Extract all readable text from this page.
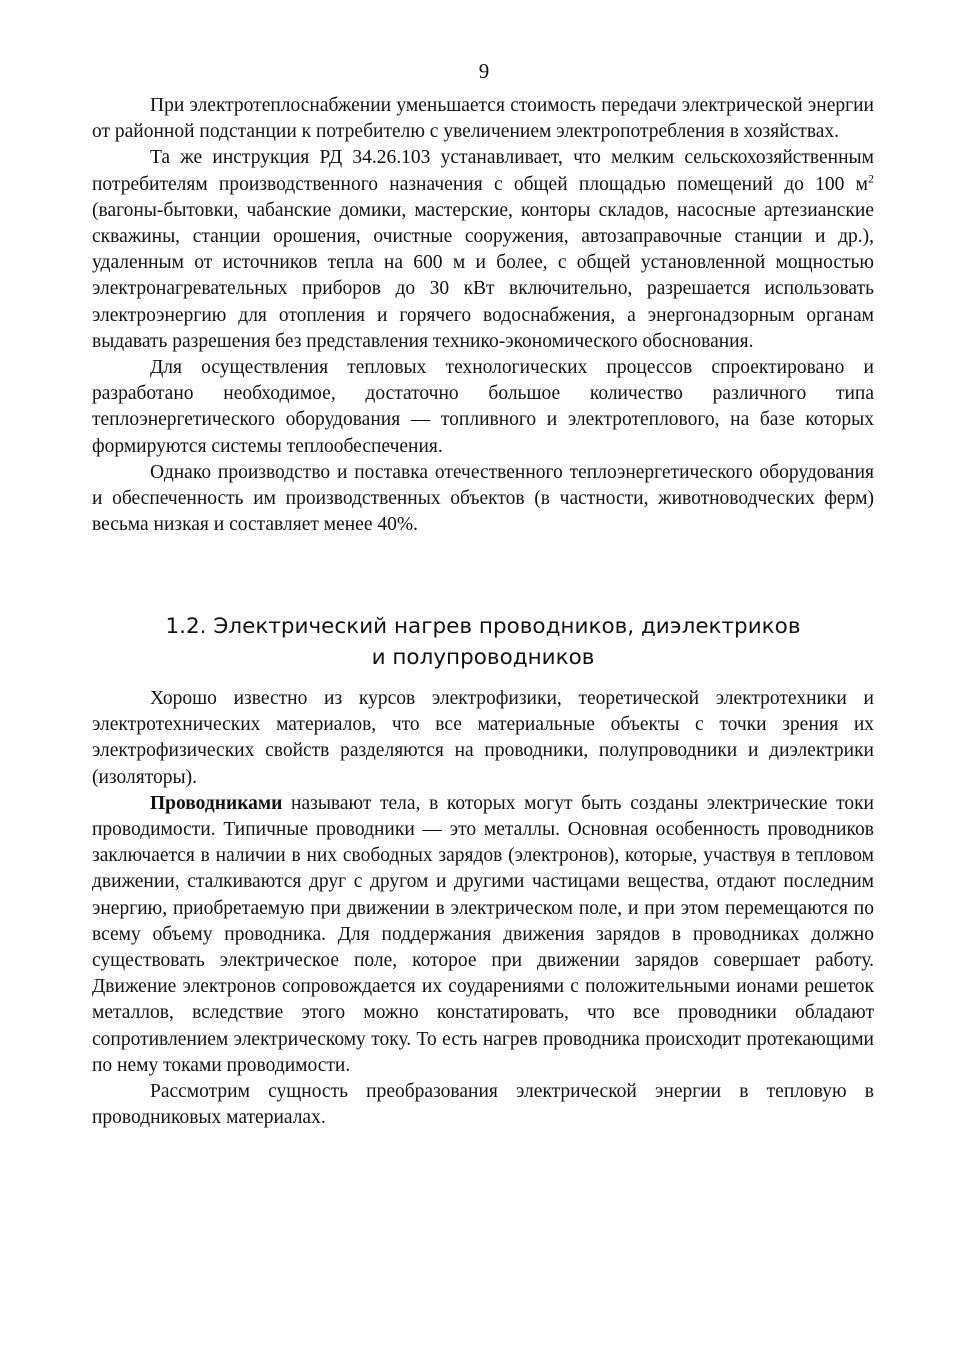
9

При электротеплоснабжении уменьшается стоимость передачи электрической энергии от районной подстанции к потребителю с увеличением электропотребления в хозяйствах.

Та же инструкция РД 34.26.103 устанавливает, что мелким сельскохозяйственным потребителям производственного назначения с общей площадью помещений до 100 $м^2$ (вагоны-бытовки, чабанские домики, мастерские, конторы складов, насосные артезианские скважины, станции орошения, очистные сооружения, автозаправочные станции и др.), удаленным от источников тепла на 600 м и более, с общей установленной мощностью электронагревательных приборов до 30 кВт включительно, разрешается использовать электроэнергию для отопления и горячего водоснабжения, а энергонадзорным органам выдавать разрешения без представления технико-экономического обоснования.

Для осуществления тепловых технологических процессов спроектировано и разработано необходимое, достаточно большое количество различного типа теплоэнергетического оборудования — топливного и электротеплового, на базе которых формируются системы теплообеспечения.

Однако производство и поставка отечественного теплоэнергетического оборудования и обеспеченность им производственных объектов (в частности, животноводческих ферм) весьма низкая и составляет менее 40%.

1.2. Электрический нагрев проводников, диэлектриков
и полупроводников

Хорошо известно из курсов электрофизики, теоретической электротехники и электротехнических материалов, что все материальные объекты с точки зрения их электрофизических свойств разделяются на проводники, полупроводники и диэлектрики (изоляторы).

Проводниками называют тела, в которых могут быть созданы электрические токи проводимости. Типичные проводники — это металлы. Основная особенность проводников заключается в наличии в них свободных зарядов (электронов), которые, участвуя в тепловом движении, сталкиваются друг с другом и другими частицами вещества, отдают последним энергию, приобретаемую при движении в электрическом поле, и при этом перемещаются по всему объему проводника. Для поддержания движения зарядов в проводниках должно существовать электрическое поле, которое при движении зарядов совершает работу. Движение электронов сопровождается их соударениями с положительными ионами решеток металлов, вследствие этого можно констатировать, что все проводники обладают сопротивлением электрическому току. То есть нагрев проводника происходит протекающими по нему токами проводимости.

Рассмотрим сущность преобразования электрической энергии в тепловую в проводниковых материалах.
